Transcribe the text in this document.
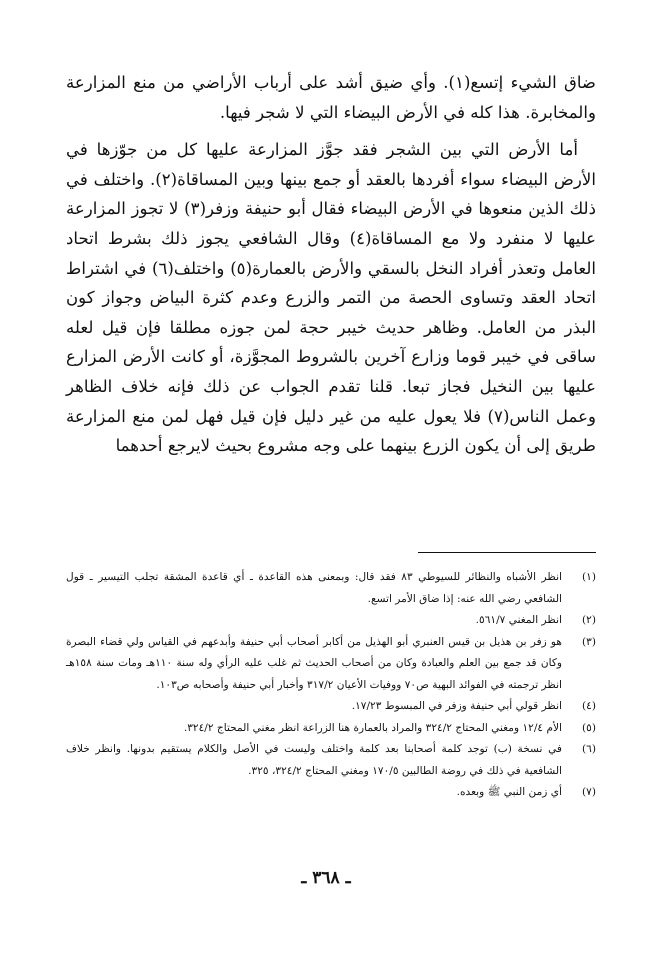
ضاق الشيء إتسع(١). وأي ضيق أشد على أرباب الأراضي من منع المزارعة والمخابرة. هذا كله في الأرض البيضاء التي لا شجر فيها.

أما الأرض التي بين الشجر فقد جوَّز المزارعة عليها كل من جوّزها في الأرض البيضاء سواء أفردها بالعقد أو جمع بينها وبين المساقاة(٢). واختلف في ذلك الذين منعوها في الأرض البيضاء فقال أبو حنيفة وزفر(٣) لا تجوز المزارعة عليها لا منفرد ولا مع المساقاة(٤) وقال الشافعي يجوز ذلك بشرط اتحاد العامل وتعذر أفراد النخل بالسقي والأرض بالعمارة(٥) واختلف(٦) في اشتراط اتحاد العقد وتساوى الحصة من التمر والزرع وعدم كثرة البياض وجواز كون البذر من العامل. وظاهر حديث خيبر حجة لمن جوزه مطلقا فإن قيل لعله ساقى في خيبر قوما وزارع آخرين بالشروط المجوَّزة، أو كانت الأرض المزارع عليها بين النخيل فجاز تبعا. قلنا تقدم الجواب عن ذلك فإنه خلاف الظاهر وعمل الناس(٧) فلا يعول عليه من غير دليل فإن قيل فهل لمن منع المزارعة طريق إلى أن يكون الزرع بينهما على وجه مشروع بحيث لايرجع أحدهما

(١)
انظر الأشباه والنظائر للسيوطي ٨٣ فقد قال: وبمعنى هذه القاعدة ـ أي قاعدة المشقة تجلب التيسير ـ قول الشافعي رضي الله عنه: إذا ضاق الأمر اتسع.
(٢)
انظر المغني ٥٦١/٧.
(٣)
هو زفر بن هذيل بن قيس العنبري أبو الهذيل من أكابر أصحاب أبي حنيفة وأبدعهم في القياس ولي قضاء البصرة وكان قد جمع بين العلم والعبادة وكان من أصحاب الحديث ثم غلب عليه الرأي وله سنة ١١٠هـ ومات سنة ١٥٨هـ انظر ترجمته في الفوائد البهية ص٧٠ ووفيات الأعيان ٣١٧/٢ وأخبار أبي حنيفة وأصحابه ص١٠٣.
(٤)
انظر قولي أبي حنيفة وزفر في المبسوط ١٧/٢٣.
(٥)
الأم ١٢/٤ ومغني المحتاج ٣٢٤/٢ والمراد بالعمارة هنا الزراعة انظر مغني المحتاج ٣٢٤/٢.
(٦)
في نسخة (ب) توجد كلمة أصحابنا بعد كلمة واختلف وليست في الأصل والكلام يستقيم بدونها. وانظر خلاف الشافعية في ذلك في روضة الطالبين ١٧٠/٥ ومغني المحتاج ٣٢٤/٢، ٣٢٥.
(٧)
أي زمن النبي ﷺ وبعده.
ـ ٣٦٨ ـ
